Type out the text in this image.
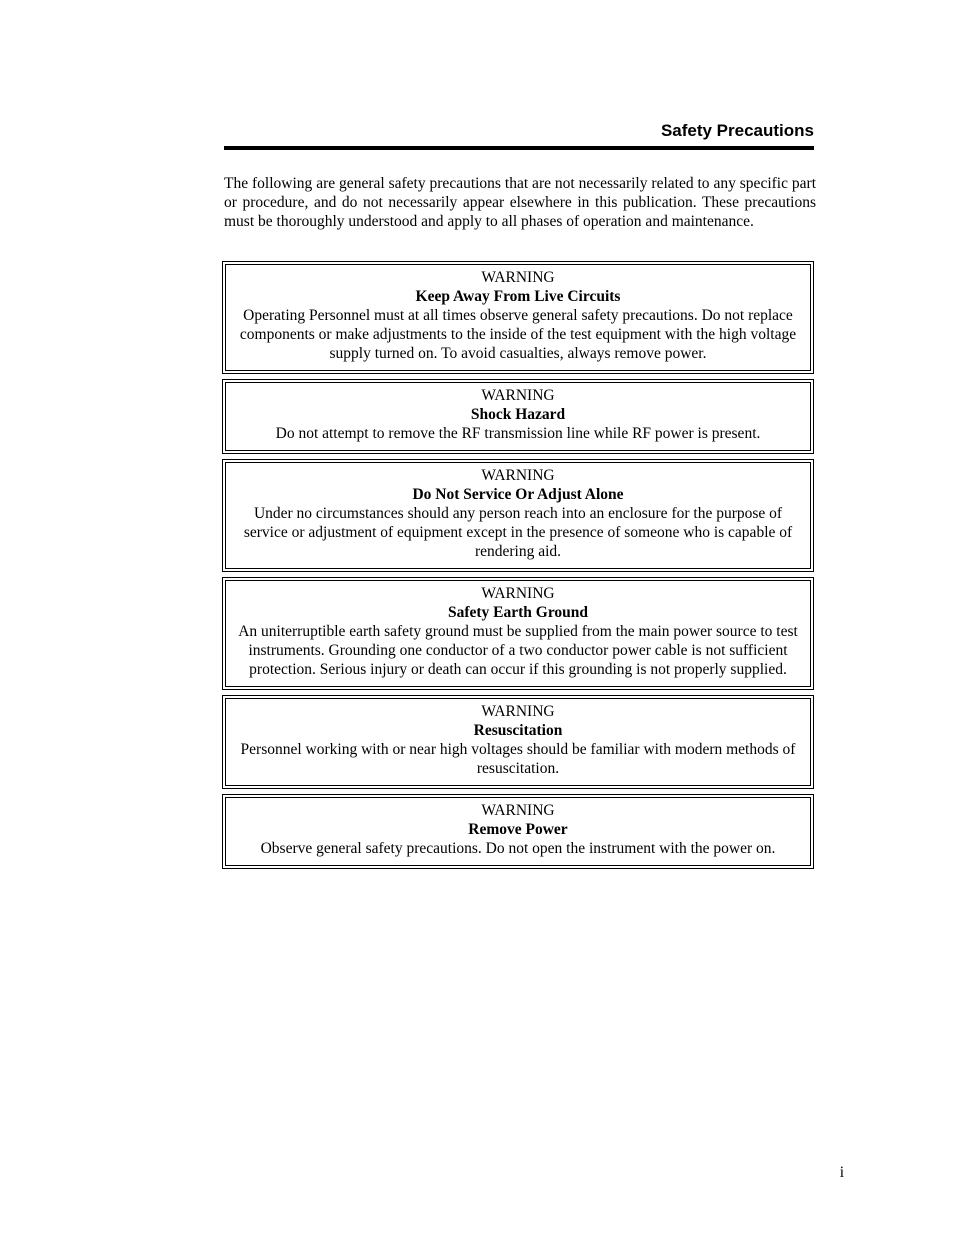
Safety Precautions

The following are general safety precautions that are not necessarily related to any specific part or procedure, and do not necessarily appear elsewhere in this publication. These precautions must be thoroughly understood and apply to all phases of operation and maintenance.

WARNING
Keep Away From Live Circuits
Operating Personnel must at all times observe general safety precautions. Do not replace components or make adjustments to the inside of the test equipment with the high voltage supply turned on. To avoid casualties, always remove power.
WARNING
Shock Hazard
Do not attempt to remove the RF transmission line while RF power is present.
WARNING
Do Not Service Or Adjust Alone
Under no circumstances should any person reach into an enclosure for the purpose of service or adjustment of equipment except in the presence of someone who is capable of rendering aid.
WARNING
Safety Earth Ground
An uniterruptible earth safety ground must be supplied from the main power source to test instruments. Grounding one conductor of a two conductor power cable is not sufficient protection. Serious injury or death can occur if this grounding is not properly supplied.
WARNING
Resuscitation
Personnel working with or near high voltages should be familiar with modern methods of resuscitation.
WARNING
Remove Power
Observe general safety precautions. Do not open the instrument with the power on.
i
